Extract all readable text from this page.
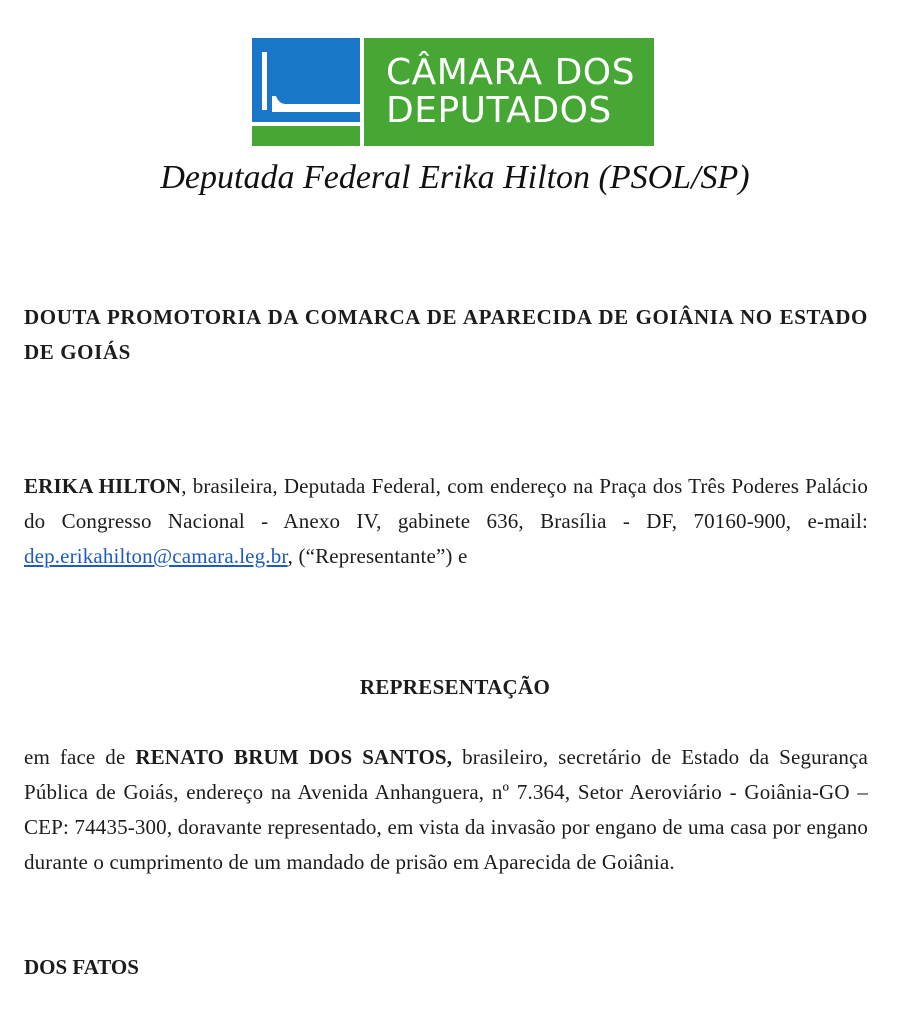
CÂMARA DOS
DEPUTADOS
Deputada Federal Erika Hilton (PSOL/SP)
DOUTA PROMOTORIA DA COMARCA DE APARECIDA DE GOIÂNIA NO ESTADO DE GOIÁS
ERIKA HILTON, brasileira, Deputada Federal, com endereço na Praça dos Três Poderes Palácio do Congresso Nacional - Anexo IV, gabinete 636, Brasília - DF, 70160-900, e-mail: dep.erikahilton@camara.leg.br, (“Representante”) e
REPRESENTAÇÃO
em face de RENATO BRUM DOS SANTOS, brasileiro, secretário de Estado da Segurança Pública de Goiás, endereço na Avenida Anhanguera, nº 7.364, Setor Aeroviário - Goiânia-GO – CEP: 74435-300, doravante representado, em vista da invasão por engano de uma casa por engano durante o cumprimento de um mandado de prisão em Aparecida de Goiânia.
DOS FATOS
